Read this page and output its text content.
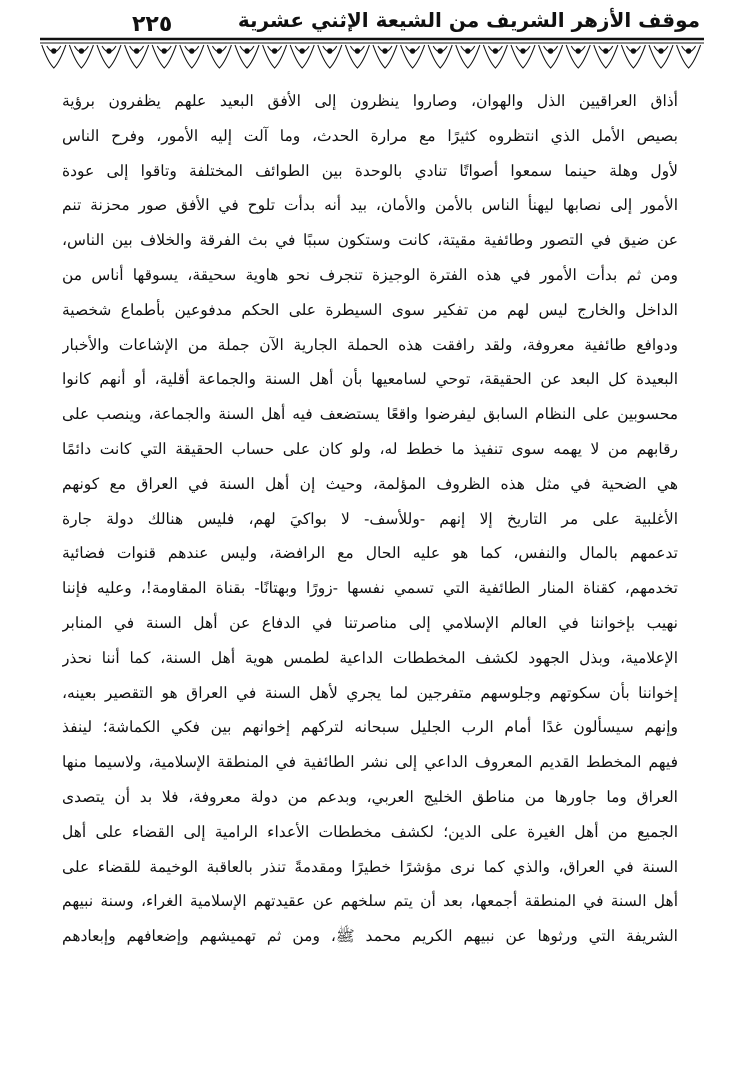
٢٢٥	موقف الأزهر الشريف من الشيعة الإثني عشرية
أذاق العراقيين الذل والهوان، وصاروا ينظرون إلى الأفق البعيد علهم يظفرون برؤية
بصيص الأمل الذي انتظروه كثيرًا مع مرارة الحدث، وما آلت إليه الأمور، وفرح الناس
لأول وهلة حينما سمعوا أصواتًا تنادي بالوحدة بين الطوائف المختلفة وتاقوا إلى عودة
الأمور إلى نصابها ليهنأ الناس بالأمن والأمان، بيد أنه بدأت تلوح في الأفق صور محزنة تنم
عن ضيق في التصور وطائفية مقيتة، كانت وستكون سببًا في بث الفرقة والخلاف بين الناس،
ومن ثم بدأت الأمور في هذه الفترة الوجيزة تنجرف نحو هاوية سحيقة، يسوقها أناس من
الداخل والخارج ليس لهم من تفكير سوى السيطرة على الحكم مدفوعين بأطماع شخصية
ودوافع طائفية معروفة، ولقد رافقت هذه الحملة الجارية الآن جملة من الإشاعات والأخبار
البعيدة كل البعد عن الحقيقة، توحي لسامعيها بأن أهل السنة والجماعة أقلية، أو أنهم كانوا
محسوبين على النظام السابق ليفرضوا واقعًا يستضعف فيه أهل السنة والجماعة، وينصب على
رقابهم من لا يهمه سوى تنفيذ ما خطط له، ولو كان على حساب الحقيقة التي كانت دائمًا
هي الضحية في مثل هذه الظروف المؤلمة، وحيث إن أهل السنة في العراق مع كونهم
الأغلبية على مر التاريخ إلا إنهم -وللأسف- لا بواكيَ لهم، فليس هنالك دولة جارة
تدعمهم بالمال والنفس، كما هو عليه الحال مع الرافضة، وليس عندهم قنوات فضائية
تخدمهم، كقناة المنار الطائفية التي تسمي نفسها -زورًا وبهتانًا- بقناة المقاومة!، وعليه فإننا
نهيب بإخواننا في العالم الإسلامي إلى مناصرتنا في الدفاع عن أهل السنة في المنابر
الإعلامية، وبذل الجهود لكشف المخططات الداعية لطمس هوية أهل السنة، كما أننا نحذر
إخواننا بأن سكوتهم وجلوسهم متفرجين لما يجري لأهل السنة في العراق هو التقصير بعينه،
وإنهم سيسألون غدًا أمام الرب الجليل سبحانه لتركهم إخوانهم بين فكي الكماشة؛ لينفذ
فيهم المخطط القديم المعروف الداعي إلى نشر الطائفية في المنطقة الإسلامية، ولاسيما منها
العراق وما جاورها من مناطق الخليج العربي، وبدعم من دولة معروفة، فلا بد أن يتصدى
الجميع من أهل الغيرة على الدين؛ لكشف مخططات الأعداء الرامية إلى القضاء على أهل
السنة في العراق، والذي كما نرى مؤشرًا خطيرًا ومقدمةً تنذر بالعاقبة الوخيمة للقضاء على
أهل السنة في المنطقة أجمعها، بعد أن يتم سلخهم عن عقيدتهم الإسلامية الغراء، وسنة نبيهم
الشريفة التي ورثوها عن نبيهم الكريم محمد ﷺ، ومن ثم تهميشهم وإضعافهم وإبعادهم
